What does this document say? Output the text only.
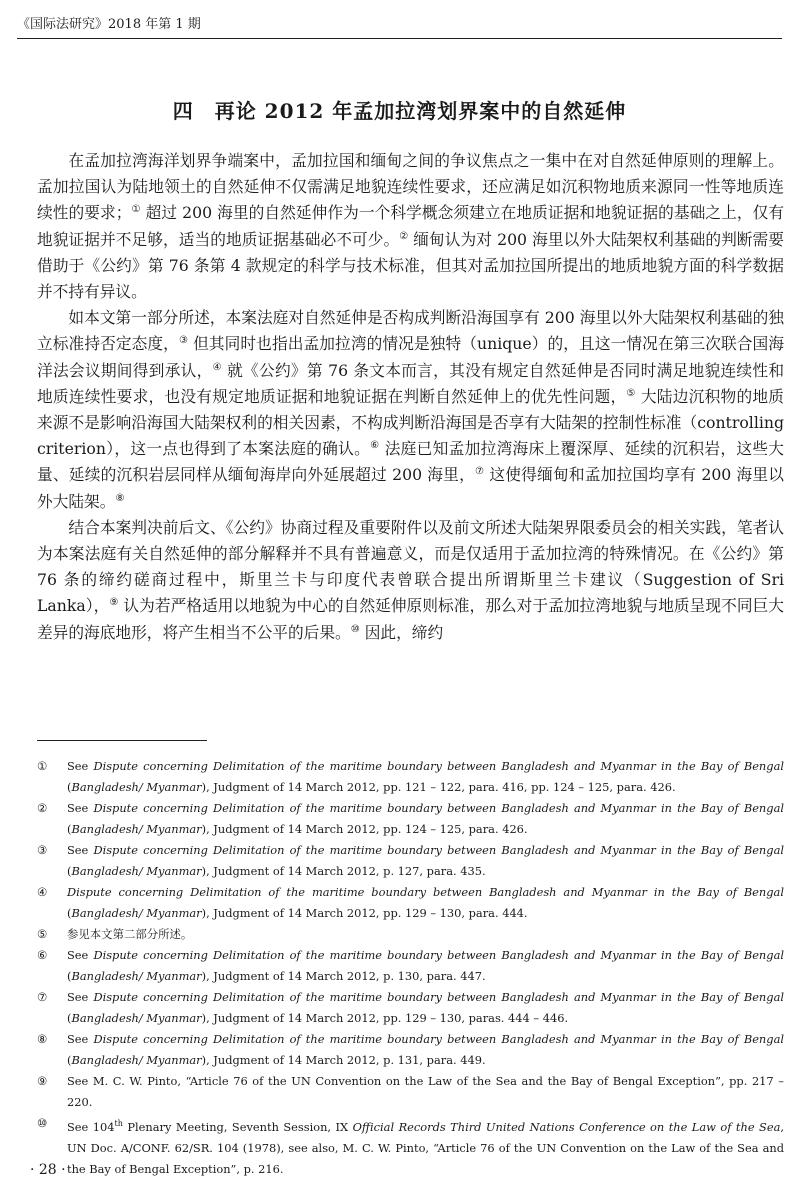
《国际法研究》2018 年第 1 期
四　再论 2012 年孟加拉湾划界案中的自然延伸

在孟加拉湾海洋划界争端案中，孟加拉国和缅甸之间的争议焦点之一集中在对自然延伸原则的理解上。孟加拉国认为陆地领土的自然延伸不仅需满足地貌连续性要求，还应满足如沉积物地质来源同一性等地质连续性的要求；① 超过 200 海里的自然延伸作为一个科学概念须建立在地质证据和地貌证据的基础之上，仅有地貌证据并不足够，适当的地质证据基础必不可少。② 缅甸认为对 200 海里以外大陆架权利基础的判断需要借助于《公约》第 76 条第 4 款规定的科学与技术标准，但其对孟加拉国所提出的地质地貌方面的科学数据并不持有异议。

如本文第一部分所述，本案法庭对自然延伸是否构成判断沿海国享有 200 海里以外大陆架权利基础的独立标准持否定态度，③ 但其同时也指出孟加拉湾的情况是独特（unique）的，且这一情况在第三次联合国海洋法会议期间得到承认，④ 就《公约》第 76 条文本而言，其没有规定自然延伸是否同时满足地貌连续性和地质连续性要求，也没有规定地质证据和地貌证据在判断自然延伸上的优先性问题，⑤ 大陆边沉积物的地质来源不是影响沿海国大陆架权利的相关因素，不构成判断沿海国是否享有大陆架的控制性标准（controlling criterion），这一点也得到了本案法庭的确认。⑥ 法庭已知孟加拉湾海床上覆深厚、延续的沉积岩，这些大量、延续的沉积岩层同样从缅甸海岸向外延展超过 200 海里，⑦ 这使得缅甸和孟加拉国均享有 200 海里以外大陆架。⑧

结合本案判决前后文、《公约》协商过程及重要附件以及前文所述大陆架界限委员会的相关实践，笔者认为本案法庭有关自然延伸的部分解释并不具有普遍意义，而是仅适用于孟加拉湾的特殊情况。在《公约》第 76 条的缔约磋商过程中，斯里兰卡与印度代表曾联合提出所谓斯里兰卡建议（Suggestion of Sri Lanka），⑨ 认为若严格适用以地貌为中心的自然延伸原则标准，那么对于孟加拉湾地貌与地质呈现不同巨大差异的海底地形，将产生相当不公平的后果。⑩ 因此，缔约

①	See Dispute concerning Delimitation of the maritime boundary between Bangladesh and Myanmar in the Bay of Bengal (Bangladesh/ Myanmar), Judgment of 14 March 2012, pp. 121 – 122, para. 416, pp. 124 – 125, para. 426.
②	See Dispute concerning Delimitation of the maritime boundary between Bangladesh and Myanmar in the Bay of Bengal (Bangladesh/ Myanmar), Judgment of 14 March 2012, pp. 124 – 125, para. 426.
③	See Dispute concerning Delimitation of the maritime boundary between Bangladesh and Myanmar in the Bay of Bengal (Bangladesh/ Myanmar), Judgment of 14 March 2012, p. 127, para. 435.
④	Dispute concerning Delimitation of the maritime boundary between Bangladesh and Myanmar in the Bay of Bengal (Bangladesh/ Myanmar), Judgment of 14 March 2012, pp. 129 – 130, para. 444.
⑤	参见本文第二部分所述。
⑥	See Dispute concerning Delimitation of the maritime boundary between Bangladesh and Myanmar in the Bay of Bengal (Bangladesh/ Myanmar), Judgment of 14 March 2012, p. 130, para. 447.
⑦	See Dispute concerning Delimitation of the maritime boundary between Bangladesh and Myanmar in the Bay of Bengal (Bangladesh/ Myanmar), Judgment of 14 March 2012, pp. 129 – 130, paras. 444 – 446.
⑧	See Dispute concerning Delimitation of the maritime boundary between Bangladesh and Myanmar in the Bay of Bengal (Bangladesh/ Myanmar), Judgment of 14 March 2012, p. 131, para. 449.
⑨	See M. C. W. Pinto, “Article 76 of the UN Convention on the Law of the Sea and the Bay of Bengal Exception”, pp. 217 – 220.
⑩	See 104th Plenary Meeting, Seventh Session, IX Official Records Third United Nations Conference on the Law of the Sea, UN Doc. A/CONF. 62/SR. 104 (1978), see also, M. C. W. Pinto, “Article 76 of the UN Convention on the Law of the Sea and the Bay of Bengal Exception”, p. 216.
· 28 ·
